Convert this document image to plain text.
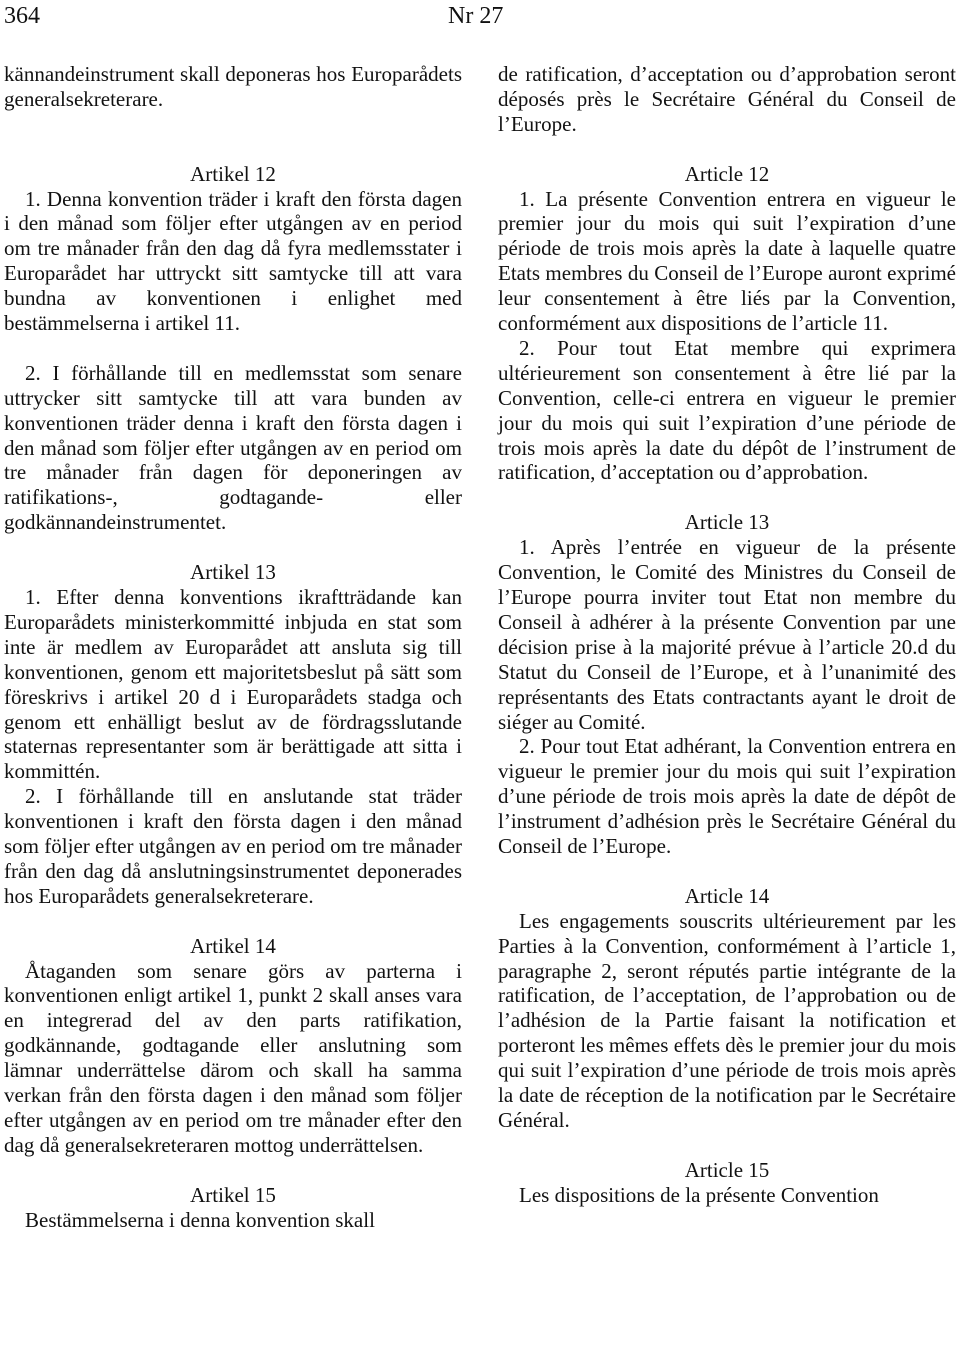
364	Nr 27

kännandeinstrument skall deponeras hos Europarådets generalsekreterare.

Artikel 12

1. Denna konvention träder i kraft den första dagen i den månad som följer efter utgången av en period om tre månader från den dag då fyra medlemsstater i Europarådet har uttryckt sitt samtycke till att vara bundna av konventionen i enlighet med bestämmelserna i artikel 11.

2. I förhållande till en medlemsstat som senare uttrycker sitt samtycke till att vara bunden av konventionen träder denna i kraft den första dagen i den månad som följer efter utgången av en period om tre månader från dagen för deponeringen av ratifikations-, godtagande- eller godkännandeinstrumentet.

Artikel 13

1. Efter denna konventions ikraftträdande kan Europarådets ministerkommitté inbjuda en stat som inte är medlem av Europarådet att ansluta sig till konventionen, genom ett majoritetsbeslut på sätt som föreskrivs i artikel 20 d i Europarådets stadga och genom ett enhälligt beslut av de fördragsslutande staternas representanter som är berättigade att sitta i kommittén.

2. I förhållande till en anslutande stat träder konventionen i kraft den första dagen i den månad som följer efter utgången av en period om tre månader från den dag då anslutningsinstrumentet deponerades hos Europarådets generalsekreterare.

Artikel 14

Åtaganden som senare görs av parterna i konventionen enligt artikel 1, punkt 2 skall anses vara en integrerad del av den parts ratifikation, godkännande, godtagande eller anslutning som lämnar underrättelse därom och skall ha samma verkan från den första dagen i den månad som följer efter utgången av en period om tre månader efter den dag då generalsekreteraren mottog underrättelsen.

Artikel 15

Bestämmelserna i denna konvention skall

de ratification, d’acceptation ou d’approbation seront déposés près le Secrétaire Général du Conseil de l’Europe.

Article 12

1. La présente Convention entrera en vigueur le premier jour du mois qui suit l’expiration d’une période de trois mois après la date à laquelle quatre Etats membres du Conseil de l’Europe auront exprimé leur consentement à être liés par la Convention, conformément aux dispositions de l’article 11.

2. Pour tout Etat membre qui exprimera ultérieurement son consentement à être lié par la Convention, celle-ci entrera en vigueur le premier jour du mois qui suit l’expiration d’une période de trois mois après la date du dépôt de l’instrument de ratification, d’acceptation ou d’approbation.

Article 13

1. Après l’entrée en vigueur de la présente Convention, le Comité des Ministres du Conseil de l’Europe pourra inviter tout Etat non membre du Conseil à adhérer à la présente Convention par une décision prise à la majorité prévue à l’article 20.d du Statut du Conseil de l’Europe, et à l’unanimité des représentants des Etats contractants ayant le droit de siéger au Comité.

2. Pour tout Etat adhérant, la Convention entrera en vigueur le premier jour du mois qui suit l’expiration d’une période de trois mois après la date de dépôt de l’instrument d’adhésion près le Secrétaire Général du Conseil de l’Europe.

Article 14

Les engagements souscrits ultérieurement par les Parties à la Convention, conformément à l’article 1, paragraphe 2, seront réputés partie intégrante de la ratification, de l’acceptation, de l’approbation ou de l’adhésion de la Partie faisant la notification et porteront les mêmes effets dès le premier jour du mois qui suit l’expiration d’une période de trois mois après la date de réception de la notification par le Secrétaire Général.

Article 15

Les dispositions de la présente Convention
